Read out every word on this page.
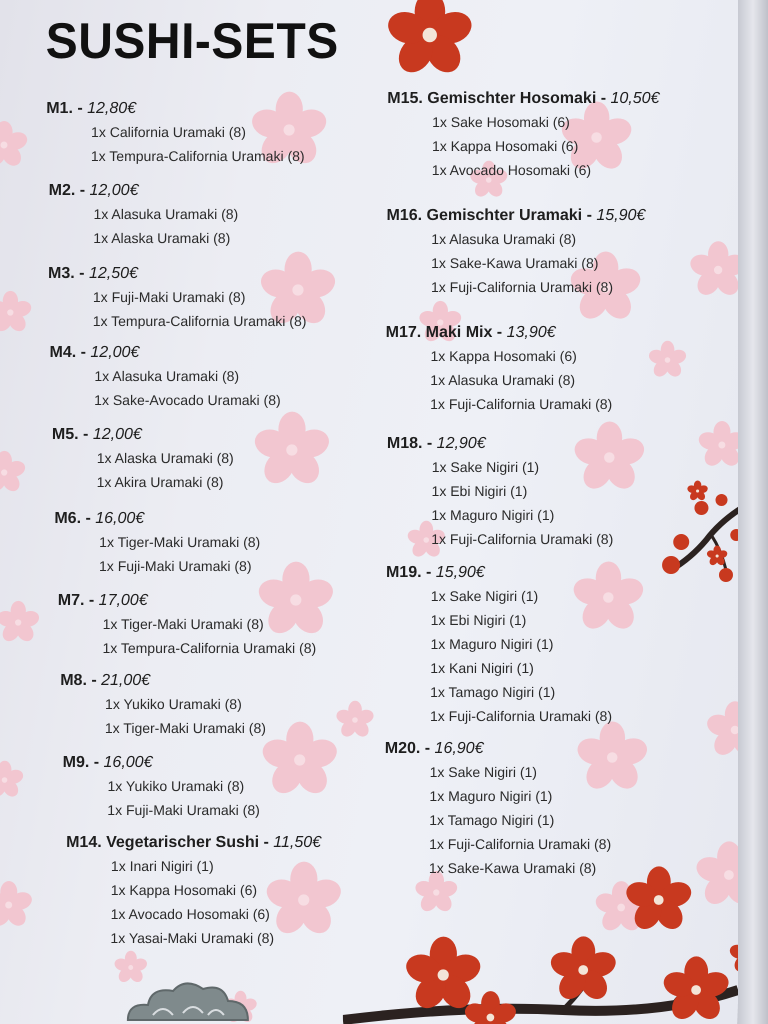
SUSHI-SETS
M1. - 12,80€
1x California Uramaki (8)
1x Tempura-California Uramaki (8)
M2. - 12,00€
1x Alasuka Uramaki (8)
1x Alaska Uramaki (8)
M3. - 12,50€
1x Fuji-Maki Uramaki (8)
1x Tempura-California Uramaki (8)
M4. - 12,00€
1x Alasuka Uramaki (8)
1x Sake-Avocado Uramaki (8)
M5. - 12,00€
1x Alaska Uramaki (8)
1x Akira Uramaki (8)
M6. - 16,00€
1x Tiger-Maki Uramaki (8)
1x Fuji-Maki Uramaki (8)
M7. - 17,00€
1x Tiger-Maki Uramaki (8)
1x Tempura-California Uramaki (8)
M8. - 21,00€
1x Yukiko Uramaki (8)
1x Tiger-Maki Uramaki (8)
M9. - 16,00€
1x Yukiko Uramaki (8)
1x Fuji-Maki Uramaki (8)
M14. Vegetarischer Sushi - 11,50€
1x Inari Nigiri (1)
1x Kappa Hosomaki (6)
1x Avocado Hosomaki (6)
1x Yasai-Maki Uramaki (8)
M15. Gemischter Hosomaki - 10,50€
1x Sake Hosomaki (6)
1x Kappa Hosomaki (6)
1x Avocado Hosomaki (6)
M16. Gemischter Uramaki - 15,90€
1x Alasuka Uramaki (8)
1x Sake-Kawa Uramaki (8)
1x Fuji-California Uramaki (8)
M17. Maki Mix - 13,90€
1x Kappa Hosomaki (6)
1x Alasuka Uramaki (8)
1x Fuji-California Uramaki (8)
M18. - 12,90€
1x Sake Nigiri (1)
1x Ebi Nigiri (1)
1x Maguro Nigiri (1)
1x Fuji-California Uramaki (8)
M19. - 15,90€
1x Sake Nigiri (1)
1x Ebi Nigiri (1)
1x Maguro Nigiri (1)
1x Kani Nigiri (1)
1x Tamago Nigiri (1)
1x Fuji-California Uramaki (8)
M20. - 16,90€
1x Sake Nigiri (1)
1x Maguro Nigiri (1)
1x Tamago Nigiri (1)
1x Fuji-California Uramaki (8)
1x Sake-Kawa Uramaki (8)
